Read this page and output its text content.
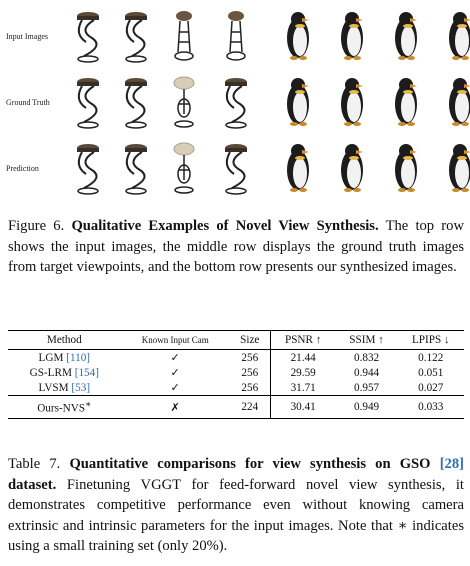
Input Images
Ground Truth
Prediction
Figure 6. Qualitative Examples of Novel View Synthesis. The top row shows the input images, the middle row displays the ground truth images from target viewpoints, and the bottom row presents our synthesized images.
Method	Known Input Cam	Size	PSNR ↑	SSIM ↑	LPIPS ↓
LGM [110]	✓	256	21.44	0.832	0.122
GS-LRM [154]	✓	256	29.59	0.944	0.051
LVSM [53]	✓	256	31.71	0.957	0.027
Ours-NVS∗	✗	224	30.41	0.949	0.033
Table 7. Quantitative comparisons for view synthesis on GSO [28] dataset. Finetuning VGGT for feed-forward novel view synthesis, it demonstrates competitive performance even without knowing camera extrinsic and intrinsic parameters for the input images. Note that ∗ indicates using a small training set (only 20%).
